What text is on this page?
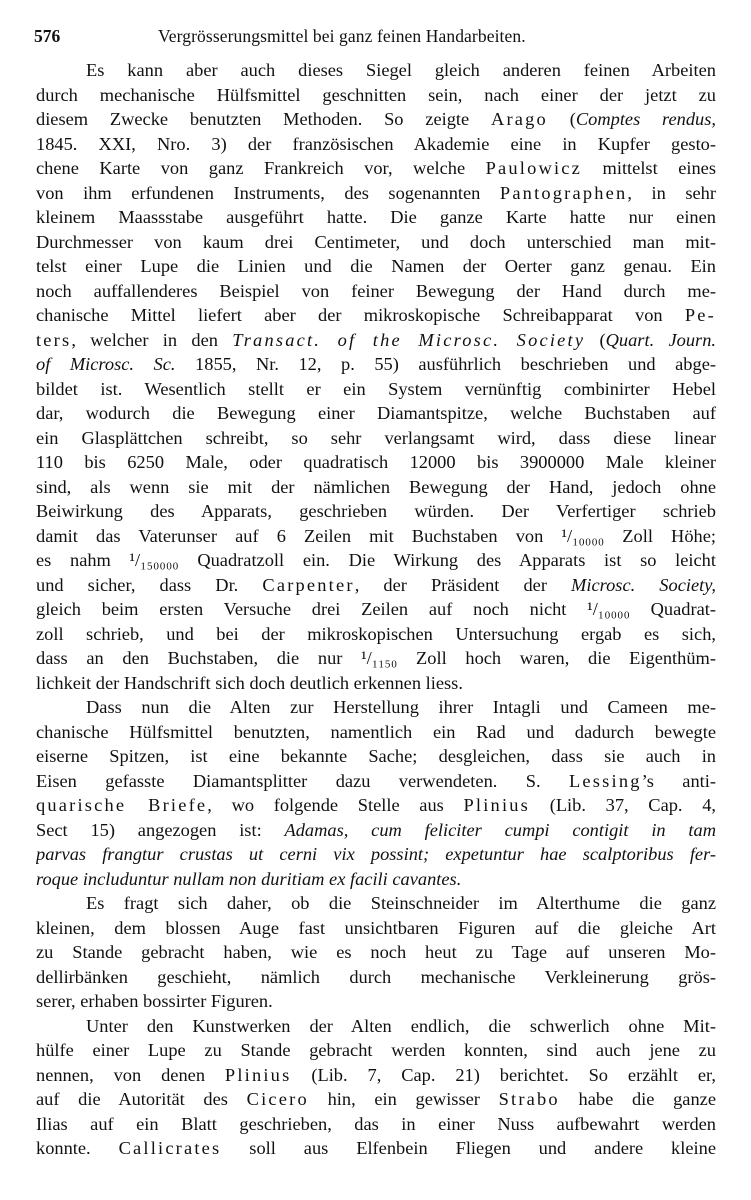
576	Vergrösserungsmittel bei ganz feinen Handarbeiten.
Es kann aber auch dieses Siegel gleich anderen feinen Arbeiten
durch mechanische Hülfsmittel geschnitten sein, nach einer der jetzt zu
diesem Zwecke benutzten Methoden. So zeigte Arago (Comptes rendus,
1845. XXI, Nro. 3) der französischen Akademie eine in Kupfer gesto-
chene Karte von ganz Frankreich vor, welche Paulowicz mittelst eines
von ihm erfundenen Instruments, des sogenannten Pantographen, in sehr
kleinem Maassstabe ausgeführt hatte. Die ganze Karte hatte nur einen
Durchmesser von kaum drei Centimeter, und doch unterschied man mit-
telst einer Lupe die Linien und die Namen der Oerter ganz genau. Ein
noch auffallenderes Beispiel von feiner Bewegung der Hand durch me-
chanische Mittel liefert aber der mikroskopische Schreibapparat von Pe-
ters, welcher in den Transact. of the Microsc. Society (Quart. Journ.
of Microsc. Sc. 1855, Nr. 12, p. 55) ausführlich beschrieben und abge-
bildet ist. Wesentlich stellt er ein System vernünftig combinirter Hebel
dar, wodurch die Bewegung einer Diamantspitze, welche Buchstaben auf
ein Glasplättchen schreibt, so sehr verlangsamt wird, dass diese linear
110 bis 6250 Male, oder quadratisch 12000 bis 3900000 Male kleiner
sind, als wenn sie mit der nämlichen Bewegung der Hand, jedoch ohne
Beiwirkung des Apparats, geschrieben würden. Der Verfertiger schrieb
damit das Vaterunser auf 6 Zeilen mit Buchstaben von ¹/₁₀₀₀₀ Zoll Höhe;
es nahm ¹/₁₅₀₀₀₀ Quadratzoll ein. Die Wirkung des Apparats ist so leicht
und sicher, dass Dr. Carpenter, der Präsident der Microsc. Society,
gleich beim ersten Versuche drei Zeilen auf noch nicht ¹/₁₀₀₀₀ Quadrat-
zoll schrieb, und bei der mikroskopischen Untersuchung ergab es sich,
dass an den Buchstaben, die nur ¹/₁₁₅₀ Zoll hoch waren, die Eigenthüm-
lichkeit der Handschrift sich doch deutlich erkennen liess.
Dass nun die Alten zur Herstellung ihrer Intagli und Cameen me-
chanische Hülfsmittel benutzten, namentlich ein Rad und dadurch bewegte
eiserne Spitzen, ist eine bekannte Sache; desgleichen, dass sie auch in
Eisen gefasste Diamantsplitter dazu verwendeten. S. Lessing’s anti-
quarische Briefe, wo folgende Stelle aus Plinius (Lib. 37, Cap. 4,
Sect 15) angezogen ist: Adamas, cum feliciter cumpi contigit in tam
parvas frangtur crustas ut cerni vix possint; expetuntur hae scalptoribus fer-
roque includuntur nullam non duritiam ex facili cavantes.
Es fragt sich daher, ob die Steinschneider im Alterthume die ganz
kleinen, dem blossen Auge fast unsichtbaren Figuren auf die gleiche Art
zu Stande gebracht haben, wie es noch heut zu Tage auf unseren Mo-
dellirbänken geschieht, nämlich durch mechanische Verkleinerung grös-
serer, erhaben bossirter Figuren.
Unter den Kunstwerken der Alten endlich, die schwerlich ohne Mit-
hülfe einer Lupe zu Stande gebracht werden konnten, sind auch jene zu
nennen, von denen Plinius (Lib. 7, Cap. 21) berichtet. So erzählt er,
auf die Autorität des Cicero hin, ein gewisser Strabo habe die ganze
Ilias auf ein Blatt geschrieben, das in einer Nuss aufbewahrt werden
konnte. Callicrates soll aus Elfenbein Fliegen und andere kleine
